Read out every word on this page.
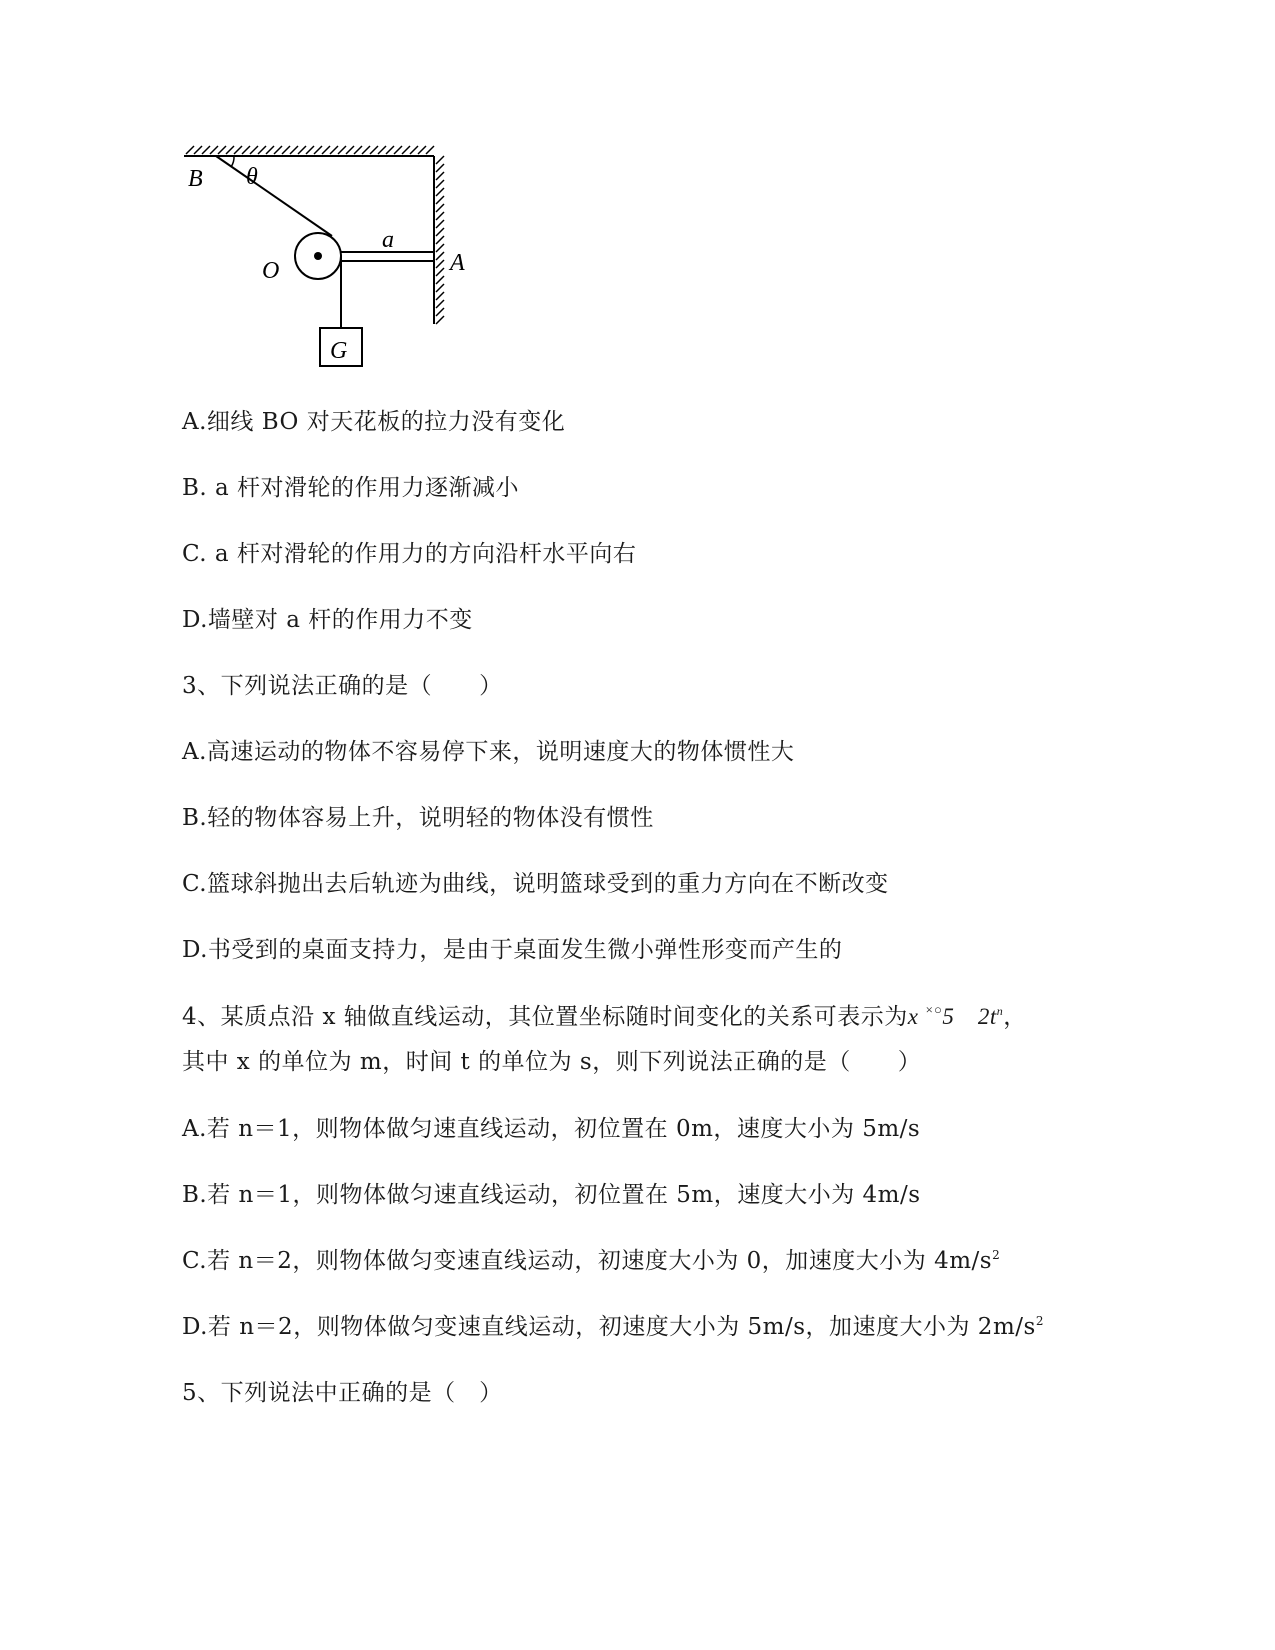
B θ
O
a
A
G

A.细线 BO 对天花板的拉力没有变化

B. a 杆对滑轮的作用力逐渐减小

C. a 杆对滑轮的作用力的方向沿杆水平向右

D.墙壁对 a 杆的作用力不变

3、下列说法正确的是（　　）

A.高速运动的物体不容易停下来，说明速度大的物体惯性大

B.轻的物体容易上升，说明轻的物体没有惯性

C.篮球斜抛出去后轨迹为曲线，说明篮球受到的重力方向在不断改变

D.书受到的桌面支持力，是由于桌面发生微小弹性形变而产生的

4、某质点沿 x 轴做直线运动，其位置坐标随时间变化的关系可表示为x ×○5　$2t^n$，

其中 x 的单位为 m，时间 t 的单位为 s，则下列说法正确的是（　　）

A.若 n＝1，则物体做匀速直线运动，初位置在 0m，速度大小为 5m/s

B.若 n＝1，则物体做匀速直线运动，初位置在 5m，速度大小为 4m/s

C.若 n＝2，则物体做匀变速直线运动，初速度大小为 0，加速度大小为 $4m/s^2$

D.若 n＝2，则物体做匀变速直线运动，初速度大小为 5m/s，加速度大小为 $2m/s^2$

5、下列说法中正确的是（　）
